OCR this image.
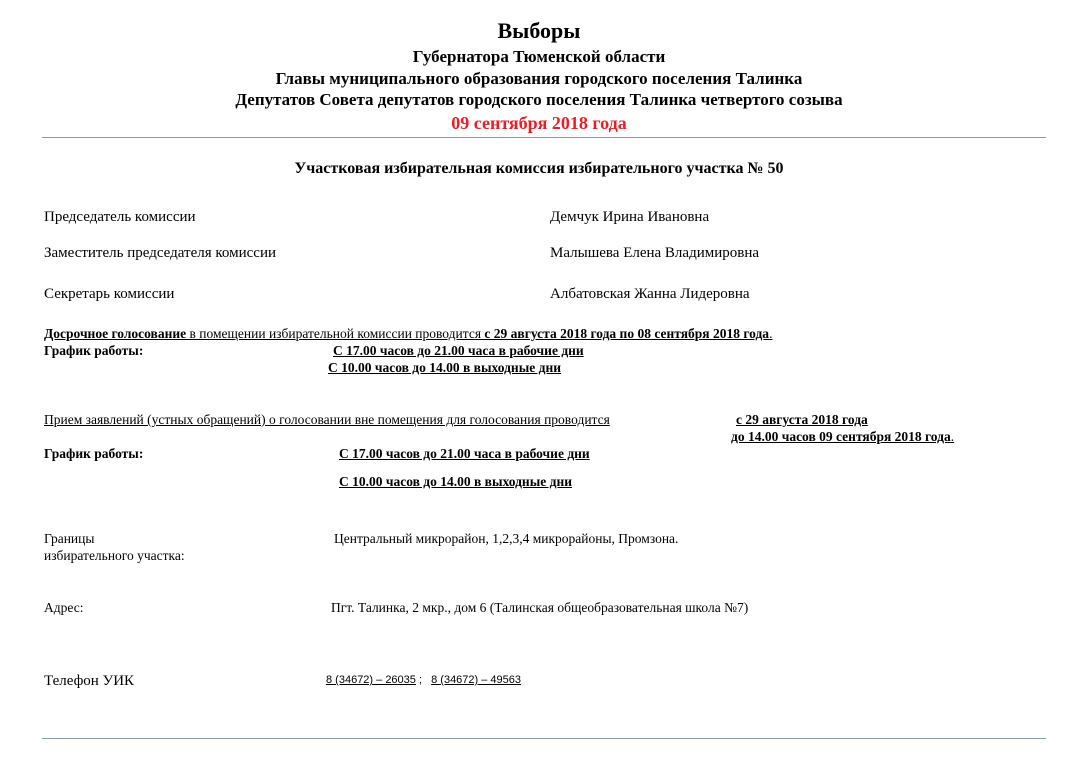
Выборы
Губернатора Тюменской области
Главы муниципального образования городского поселения Талинка
Депутатов Совета депутатов городского поселения Талинка четвертого созыва
09 сентября 2018 года
Участковая избирательная комиссия избирательного участка № 50
Председатель комиссии	Демчук Ирина Ивановна
Заместитель председателя комиссии	Малышева Елена Владимировна
Секретарь комиссии	Албатовская Жанна Лидеровна
Досрочное голосование в помещении избирательной комиссии проводится с 29 августа 2018 года по 08 сентября 2018 года.
График работы:	С 17.00 часов до 21.00 часа в рабочие дни
С 10.00 часов до 14.00 в выходные дни
Прием заявлений (устных обращений) о голосовании вне помещения для голосования проводится	с 29 августа 2018 года
до 14.00 часов 09 сентября 2018 года.
График работы:	С 17.00 часов до 21.00 часа в рабочие дни
С 10.00 часов до 14.00 в выходные дни
Границы
избирательного участка:
Центральный микрорайон, 1,2,3,4 микрорайоны, Промзона.
Адрес:	Пгт. Талинка, 2 мкр., дом 6 (Талинская общеобразовательная школа №7)
Телефон УИК	8 (34672) – 26035 ; 8 (34672) – 49563
